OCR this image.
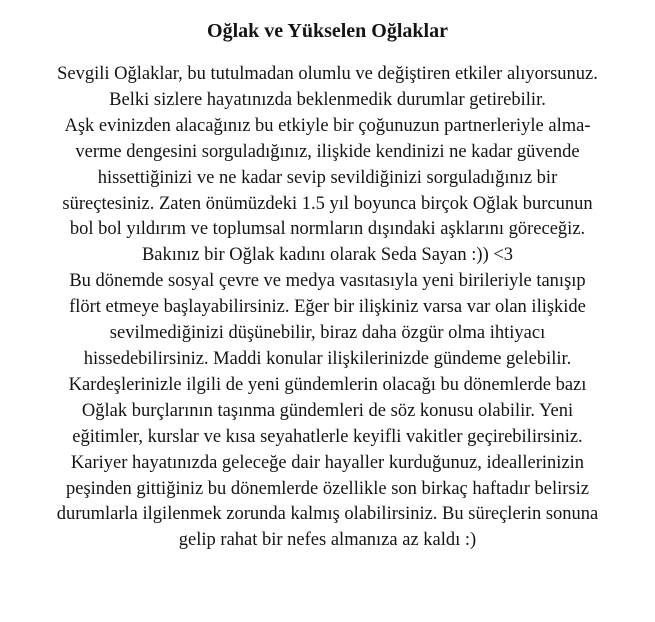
Oğlak ve Yükselen Oğlaklar
Sevgili Oğlaklar, bu tutulmadan olumlu ve değiştiren etkiler alıyorsunuz.
Belki sizlere hayatınızda beklenmedik durumlar getirebilir.
Aşk evinizden alacağınız bu etkiyle bir çoğunuzun partnerleriyle alma-
verme dengesini sorguladığınız, ilişkide kendinizi ne kadar güvende
hissettiğinizi ve ne kadar sevip sevildiğinizi sorguladığınız bir
süreçtesiniz. Zaten önümüzdeki 1.5 yıl boyunca birçok Oğlak burcunun
bol bol yıldırım ve toplumsal normların dışındaki aşklarını göreceğiz.
Bakınız bir Oğlak kadını olarak Seda Sayan :)) <3
Bu dönemde sosyal çevre ve medya vasıtasıyla yeni birileriyle tanışıp
flört etmeye başlayabilirsiniz. Eğer bir ilişkiniz varsa var olan ilişkide
sevilmediğinizi düşünebilir, biraz daha özgür olma ihtiyacı
hissedebilirsiniz. Maddi konular ilişkilerinizde gündeme gelebilir.
Kardeşlerinizle ilgili de yeni gündemlerin olacağı bu dönemlerde bazı
Oğlak burçlarının taşınma gündemleri de söz konusu olabilir. Yeni
eğitimler, kurslar ve kısa seyahatlerle keyifli vakitler geçirebilirsiniz.
Kariyer hayatınızda geleceğe dair hayaller kurduğunuz, ideallerinizin
peşinden gittiğiniz bu dönemlerde özellikle son birkaç haftadır belirsiz
durumlarla ilgilenmek zorunda kalmış olabilirsiniz. Bu süreçlerin sonuna
gelip rahat bir nefes almanıza az kaldı :)
